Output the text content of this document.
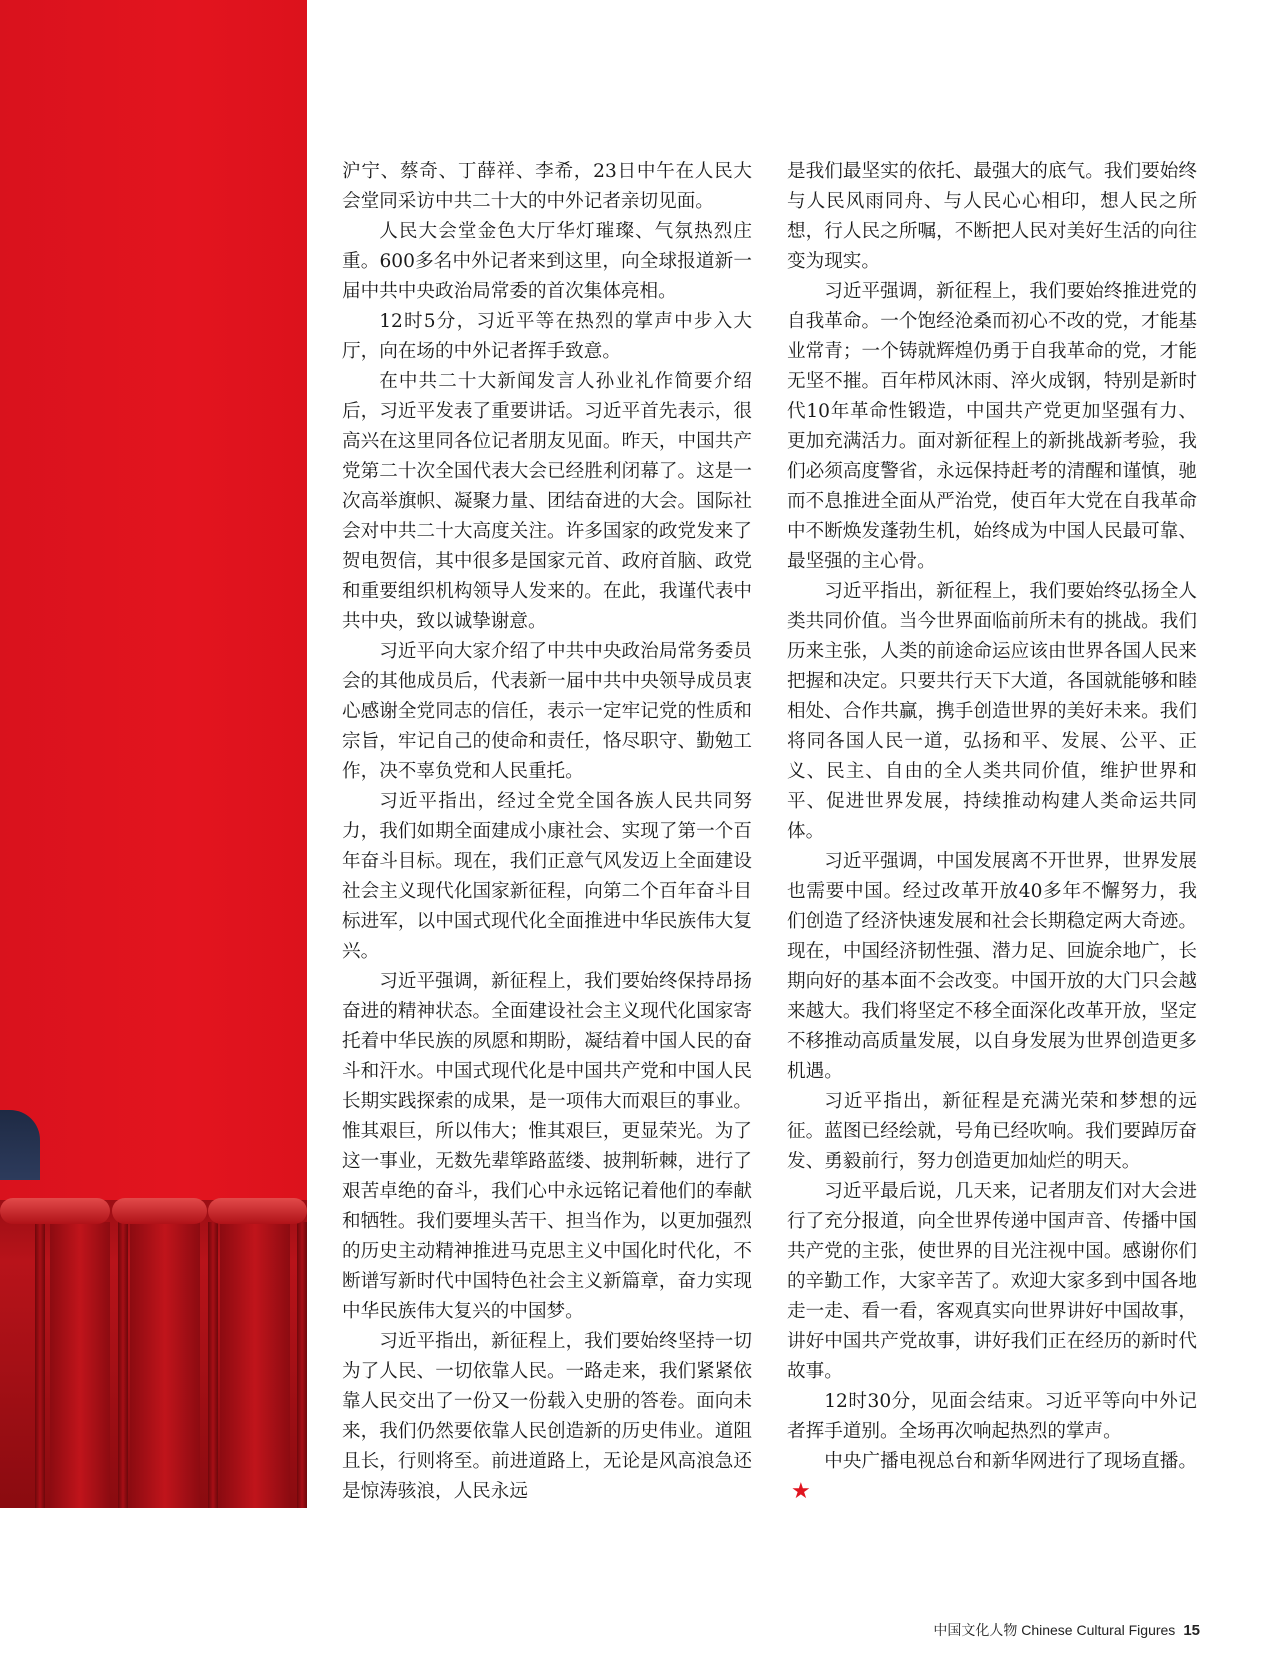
沪宁、蔡奇、丁薛祥、李希，23日中午在人民大会堂同采访中共二十大的中外记者亲切见面。

人民大会堂金色大厅华灯璀璨、气氛热烈庄重。600多名中外记者来到这里，向全球报道新一届中共中央政治局常委的首次集体亮相。

12时5分，习近平等在热烈的掌声中步入大厅，向在场的中外记者挥手致意。

在中共二十大新闻发言人孙业礼作简要介绍后，习近平发表了重要讲话。习近平首先表示，很高兴在这里同各位记者朋友见面。昨天，中国共产党第二十次全国代表大会已经胜利闭幕了。这是一次高举旗帜、凝聚力量、团结奋进的大会。国际社会对中共二十大高度关注。许多国家的政党发来了贺电贺信，其中很多是国家元首、政府首脑、政党和重要组织机构领导人发来的。在此，我谨代表中共中央，致以诚挚谢意。

习近平向大家介绍了中共中央政治局常务委员会的其他成员后，代表新一届中共中央领导成员衷心感谢全党同志的信任，表示一定牢记党的性质和宗旨，牢记自己的使命和责任，恪尽职守、勤勉工作，决不辜负党和人民重托。

习近平指出，经过全党全国各族人民共同努力，我们如期全面建成小康社会、实现了第一个百年奋斗目标。现在，我们正意气风发迈上全面建设社会主义现代化国家新征程，向第二个百年奋斗目标进军，以中国式现代化全面推进中华民族伟大复兴。

习近平强调，新征程上，我们要始终保持昂扬奋进的精神状态。全面建设社会主义现代化国家寄托着中华民族的夙愿和期盼，凝结着中国人民的奋斗和汗水。中国式现代化是中国共产党和中国人民长期实践探索的成果，是一项伟大而艰巨的事业。惟其艰巨，所以伟大；惟其艰巨，更显荣光。为了这一事业，无数先辈筚路蓝缕、披荆斩棘，进行了艰苦卓绝的奋斗，我们心中永远铭记着他们的奉献和牺牲。我们要埋头苦干、担当作为，以更加强烈的历史主动精神推进马克思主义中国化时代化，不断谱写新时代中国特色社会主义新篇章，奋力实现中华民族伟大复兴的中国梦。

习近平指出，新征程上，我们要始终坚持一切为了人民、一切依靠人民。一路走来，我们紧紧依靠人民交出了一份又一份载入史册的答卷。面向未来，我们仍然要依靠人民创造新的历史伟业。道阻且长，行则将至。前进道路上，无论是风高浪急还是惊涛骇浪，人民永远

是我们最坚实的依托、最强大的底气。我们要始终与人民风雨同舟、与人民心心相印，想人民之所想，行人民之所嘱，不断把人民对美好生活的向往变为现实。

习近平强调，新征程上，我们要始终推进党的自我革命。一个饱经沧桑而初心不改的党，才能基业常青；一个铸就辉煌仍勇于自我革命的党，才能无坚不摧。百年栉风沐雨、淬火成钢，特别是新时代10年革命性锻造，中国共产党更加坚强有力、更加充满活力。面对新征程上的新挑战新考验，我们必须高度警省，永远保持赶考的清醒和谨慎，驰而不息推进全面从严治党，使百年大党在自我革命中不断焕发蓬勃生机，始终成为中国人民最可靠、最坚强的主心骨。

习近平指出，新征程上，我们要始终弘扬全人类共同价值。当今世界面临前所未有的挑战。我们历来主张，人类的前途命运应该由世界各国人民来把握和决定。只要共行天下大道，各国就能够和睦相处、合作共赢，携手创造世界的美好未来。我们将同各国人民一道，弘扬和平、发展、公平、正义、民主、自由的全人类共同价值，维护世界和平、促进世界发展，持续推动构建人类命运共同体。

习近平强调，中国发展离不开世界，世界发展也需要中国。经过改革开放40多年不懈努力，我们创造了经济快速发展和社会长期稳定两大奇迹。现在，中国经济韧性强、潜力足、回旋余地广，长期向好的基本面不会改变。中国开放的大门只会越来越大。我们将坚定不移全面深化改革开放，坚定不移推动高质量发展，以自身发展为世界创造更多机遇。

习近平指出，新征程是充满光荣和梦想的远征。蓝图已经绘就，号角已经吹响。我们要踔厉奋发、勇毅前行，努力创造更加灿烂的明天。

习近平最后说，几天来，记者朋友们对大会进行了充分报道，向全世界传递中国声音、传播中国共产党的主张，使世界的目光注视中国。感谢你们的辛勤工作，大家辛苦了。欢迎大家多到中国各地走一走、看一看，客观真实向世界讲好中国故事，讲好中国共产党故事，讲好我们正在经历的新时代故事。

12时30分，见面会结束。习近平等向中外记者挥手道别。全场再次响起热烈的掌声。

中央广播电视总台和新华网进行了现场直播。★

中国文化人物 Chinese Cultural Figures 15
